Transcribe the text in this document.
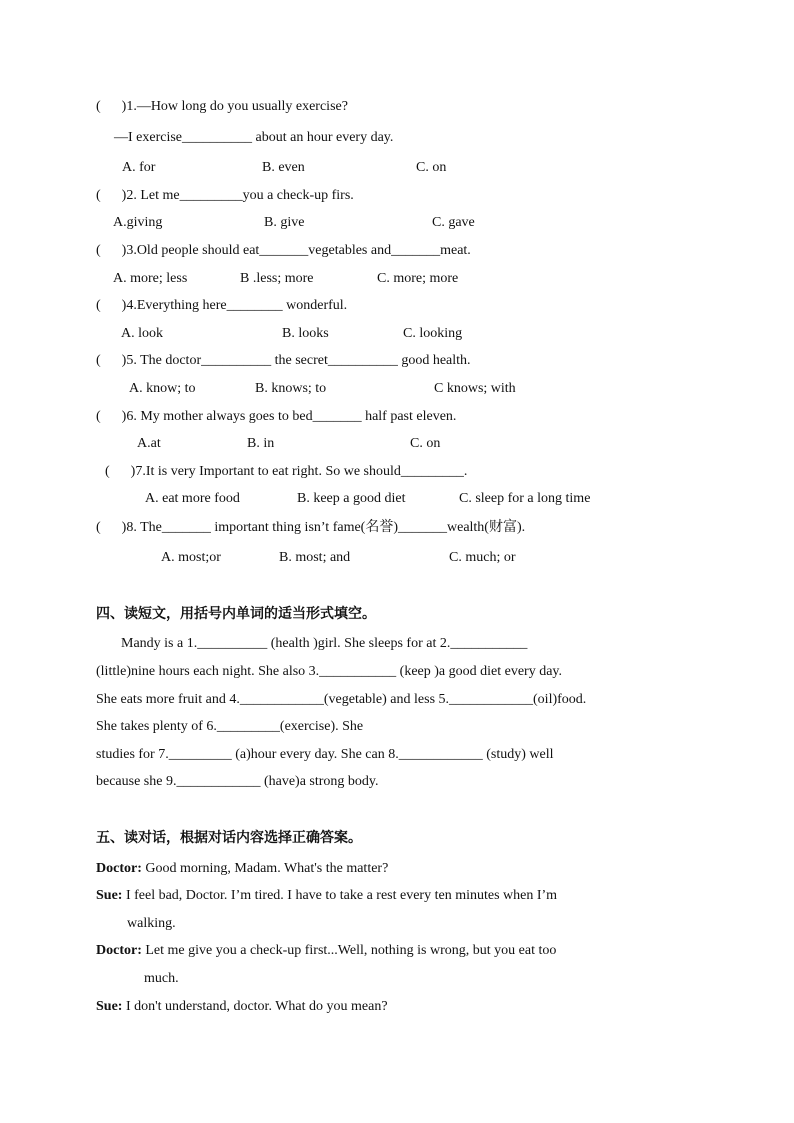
(      )1.—How long do you usually exercise?
—I exercise__________ about an hour every day.
A. for	B. even	C. on
(      )2. Let me_________you a check-up firs.
A.giving	B. give	C. gave
(      )3.Old people should eat_______vegetables and_______meat.
A. more; less	B .less; more	C. more; more
(      )4.Everything here________ wonderful.
A. look	B. looks	C. looking
(      )5. The doctor__________ the secret__________ good health.
A. know; to	B. knows; to	C knows; with
(      )6. My mother always goes to bed_______ half past eleven.
A.at	B. in	C. on
(      )7.It is very Important to eat right. So we should_________.
A. eat more food	B. keep a good diet	C. sleep for a long time
(      )8. The_______ important thing isn’t fame(名誉)_______wealth(财富).
A. most;or	B. most; and	C. much; or
四、读短文，用括号内单词的适当形式填空。
Mandy is a 1.__________ (health )girl. She sleeps for at 2.___________
(little)nine hours each night. She also 3.___________ (keep )a good diet every day.
She eats more fruit and 4.____________(vegetable) and less 5.____________(oil)food.
She takes plenty of 6._________(exercise). She
studies for 7._________ (a)hour every day. She can 8.____________ (study) well
because she 9.____________ (have)a strong body.
五、读对话，根据对话内容选择正确答案。
Doctor: Good morning, Madam. What's the matter?
Sue: I feel bad, Doctor. I’m tired. I have to take a rest every ten minutes when I’m
walking.
Doctor: Let me give you a check-up first...Well, nothing is wrong, but you eat too
much.
Sue: I don't understand, doctor. What do you mean?
